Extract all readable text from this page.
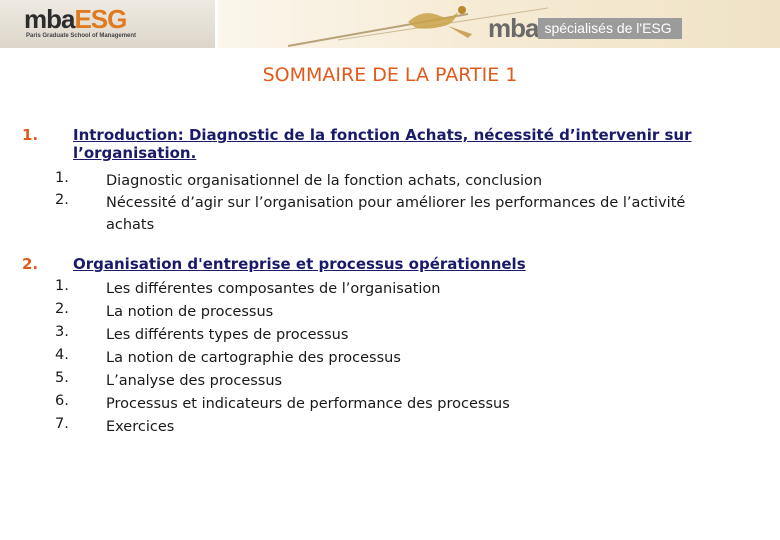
mbaESG
Paris Graduate School of Management	mba spécialisés de l'ESG
SOMMAIRE DE LA PARTIE 1
1.	Introduction: Diagnostic de la fonction Achats, nécessité d’intervenir sur l’organisation.
1.	Diagnostic organisationnel de la fonction achats, conclusion
2.	Nécessité d’agir sur l’organisation pour améliorer les performances de l’activité achats
2.	Organisation d'entreprise et processus opérationnels
1.	Les différentes composantes de l’organisation
2.	La notion de processus
3.	Les différents types de processus
4.	La notion de cartographie des processus
5.	L’analyse des processus
6.	Processus et indicateurs de performance des processus
7.	Exercices
